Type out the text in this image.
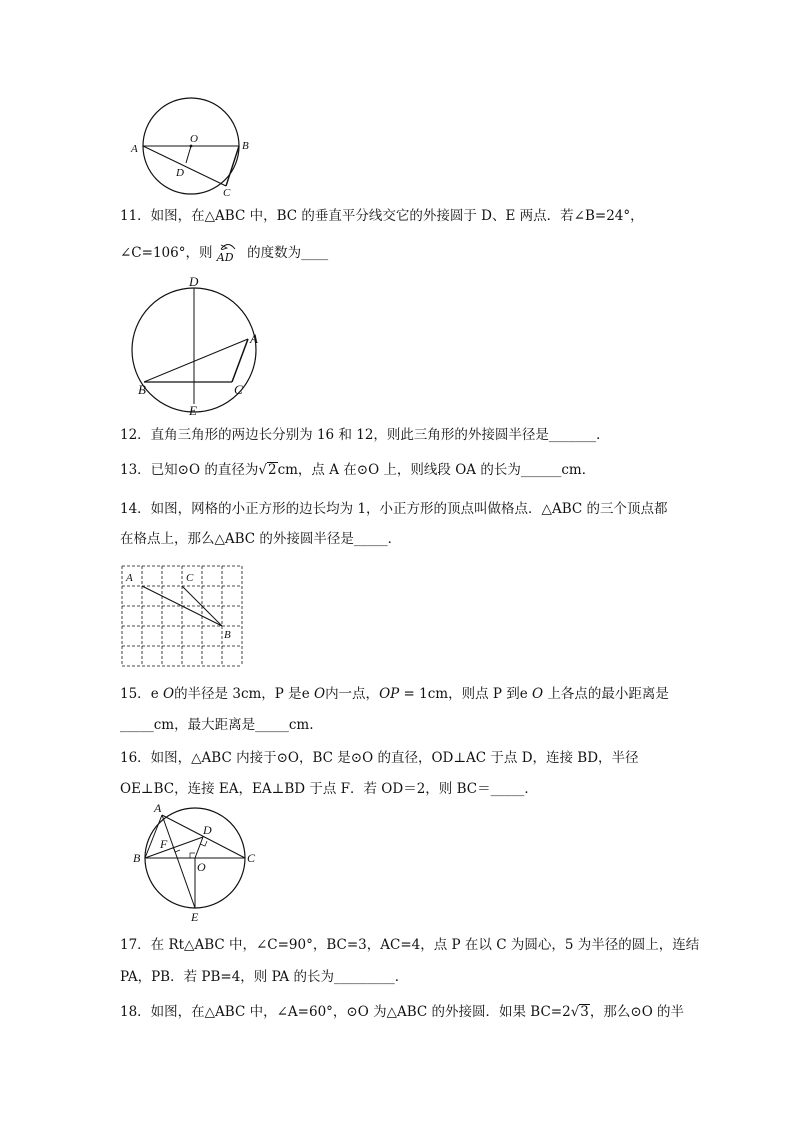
A	B
O
D
C
11．如图，在△ABC 中，BC 的垂直平分线交它的外接圆于 D、E 两点．若∠B=24°，
∠C=106°，则 $_{AD}$ 的度数为____
D
A
B	C
E
12．直角三角形的两边长分别为 16 和 12，则此三角形的外接圆半径是_______．
13．已知⊙O 的直径为√2cm，点 A 在⊙O 上，则线段 OA 的长为______cm．
14．如图，网格的小正方形的边长均为 1，小正方形的顶点叫做格点．△ABC 的三个顶点都
在格点上，那么△ABC 的外接圆半径是_____．
A	C
B
15．e O的半径是 3cm，P 是e O内一点，OP = 1cm，则点 P 到e O 上各点的最小距离是
_____cm，最大距离是_____cm.
16．如图，△ABC 内接于⊙O，BC 是⊙O 的直径，OD⊥AC 于点 D，连接 BD，半径
OE⊥BC，连接 EA，EA⊥BD 于点 F．若 OD＝2，则 BC＝_____．
A
D
F
B
O
C
E
17．在 Rt△ABC 中，∠C=90°，BC=3，AC=4，点 P 在以 C 为圆心，5 为半径的圆上，连结
PA，PB．若 PB=4，则 PA 的长为_________．
18．如图，在△ABC 中，∠A=60°，⊙O 为△ABC 的外接圆．如果 BC=2√3，那么⊙O 的半
